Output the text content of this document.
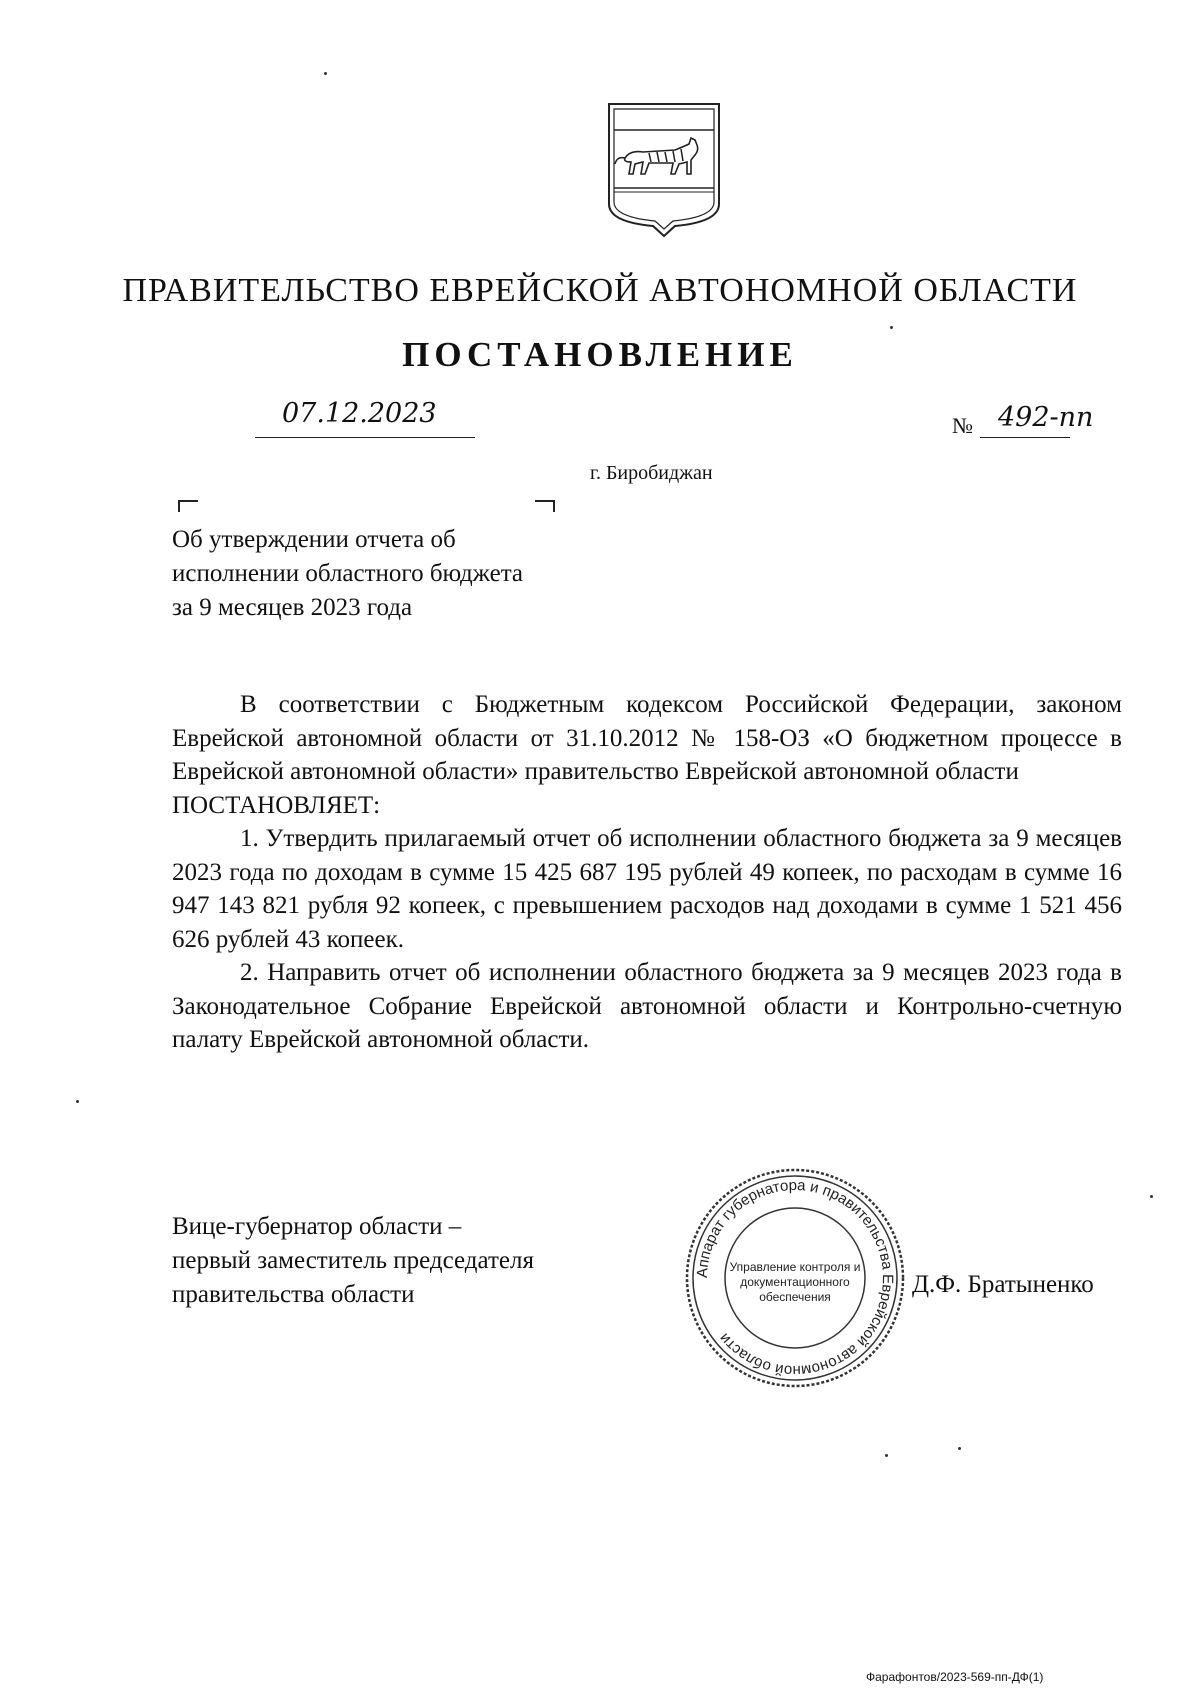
ПРАВИТЕЛЬСТВО ЕВРЕЙСКОЙ АВТОНОМНОЙ ОБЛАСТИ
ПОСТАНОВЛЕНИЕ
07.12.2023	№ 492-пп
г. Биробиджан
Об утверждении отчета об
исполнении областного бюджета
за 9 месяцев 2023 года
В соответствии с Бюджетным кодексом Российской Федерации, законом Еврейской автономной области от 31.10.2012 № 158-ОЗ «О бюджетном процессе в Еврейской автономной области» правительство Еврейской автономной области
ПОСТАНОВЛЯЕТ:
1. Утвердить прилагаемый отчет об исполнении областного бюджета за 9 месяцев 2023 года по доходам в сумме 15 425 687 195 рублей 49 копеек, по расходам в сумме 16 947 143 821 рубля 92 копеек, с превышением расходов над доходами в сумме 1 521 456 626 рублей 43 копеек.
2. Направить отчет об исполнении областного бюджета за 9 месяцев 2023 года в Законодательное Собрание Еврейской автономной области и Контрольно-счетную палату Еврейской автономной области.
Вице-губернатор области –
первый заместитель председателя
правительства области
Аппарат губернатора и правительства Еврейской автономной области
Управление контроля и
документационного
обеспечения	Д.Ф. Братыненко
Фарафонтов/2023-569-пп-ДФ(1)
